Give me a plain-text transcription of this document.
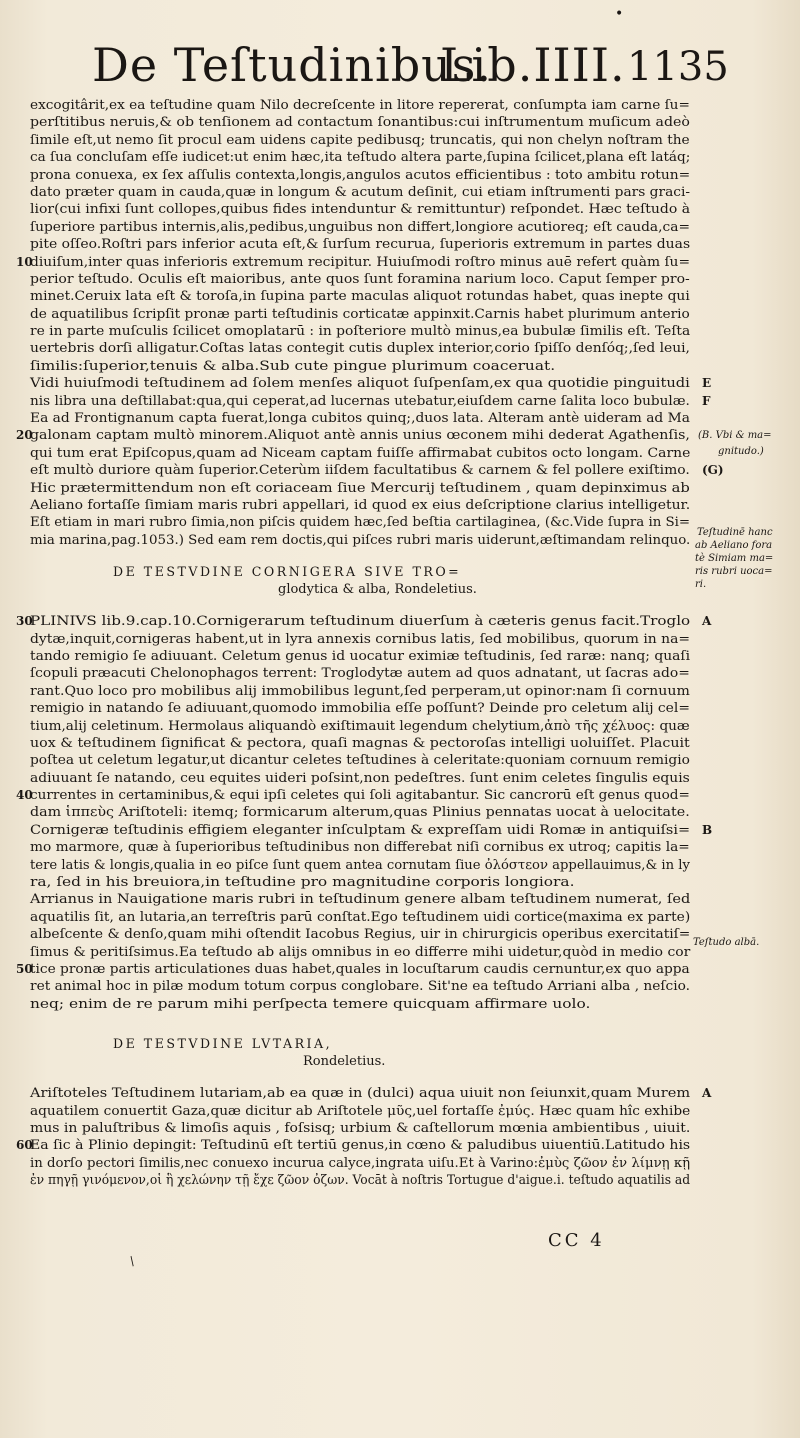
•
De Teſtudinibus.
Lib.IIII. 1135
excogitârit,ex ea teſtudine quam Nilo decreſcente in litore repererat, conſumpta iam carne ſu=
perſtitibus neruis,& ob tenſionem ad contactum ſonantibus:cui inſtrumentum muſicum adeò
ſimile eſt,ut nemo ſit procul eam uidens capite pedibusq; truncatis, qui non chelyn noſtram the
ca ſua concluſam eſſe iudicet:ut enim hæc,ita teſtudo altera parte,ſupina ſcilicet,plana eſt latáq;
prona conuexa, ex ſex aſſulis contexta,longis,angulos acutos efficientibus : toto ambitu rotun=
dato præter quam in cauda,quæ in longum & acutum deſinit, cui etiam inſtrumenti pars graci-
lior(cui infixi ſunt collopes,quibus fides intenduntur & remittuntur) reſpondet. Hæc teſtudo à
ſuperiore partibus internis,alis,pedibus,unguibus non differt,longiore acutioreq; eſt cauda,ca=
pite oſſeo.Roſtri pars inferior acuta eſt,& ſurſum recurua, ſuperioris extremum in partes duas
10
diuiſum,inter quas inferioris extremum recipitur. Huiuſmodi roſtro minus auē refert quàm ſu=
perior teſtudo. Oculis eſt maioribus, ante quos ſunt foramina narium loco. Caput ſemper pro-
minet.Ceruix lata eſt & toroſa,in ſupina parte maculas aliquot rotundas habet, quas inepte qui
de aquatilibus ſcripſit pronæ parti teſtudinis corticatæ appinxit.Carnis habet plurimum anterio
re in parte muſculis ſcilicet omoplatarū : in poſteriore multò minus,ea bubulæ ſimilis eſt. Teſta
uertebris dorſi alligatur.Coſtas latas contegit cutis duplex interior,corio ſpiſſo denſóq;,ſed leui,
ſimilis:ſuperior,tenuis & alba.Sub cute pingue plurimum coaceruat.
Vidi huiuſmodi teſtudinem ad ſolem menſes aliquot ſuſpenſam,ex qua quotidie pinguitudi E
nis libra una deſtillabat:qua,qui ceperat,ad lucernas utebatur,eiuſdem carne ſalita loco bubulæ. F
Ea ad Frontignanum capta fuerat,longa cubitos quinq;,duos lata. Alteram antè uideram ad Ma
20
galonam captam multò minorem.Aliquot antè annis unius œconem mihi dederat Agathenſis,
qui tum erat Epiſcopus,quam ad Niceam captam fuiſſe affirmabat cubitos octo longam. Carne
eſt multò duriore quàm ſuperior.Ceterùm iiſdem facultatibus & carnem & fel pollere exiſtimo. (G)
Hic prætermittendum non eſt coriaceam ſiue Mercurij teſtudinem , quam depinximus ab
Aeliano fortaſſe ſimiam maris rubri appellari, id quod ex eius deſcriptione clarius intelligetur.
Eſt etiam in mari rubro ſimia,non piſcis quidem hæc,ſed beſtia cartilaginea, (&c.Vide ſupra in Si=
mia marina,pag.1053.) Sed eam rem doctis,qui piſces rubri maris uiderunt,æſtimandam relinquo.
DE TESTVDINE CORNIGERA SIVE TRO=
glodytica & alba, Rondeletius.
30
PLINIVS lib.9.cap.10.Cornigerarum teſtudinum diuerſum à cæteris genus facit.Troglo A
dytæ,inquit,cornigeras habent,ut in lyra annexis cornibus latis, ſed mobilibus, quorum in na=
tando remigio ſe adiuuant. Celetum genus id uocatur eximiæ teſtudinis, ſed raræ: nanq; quaſi
ſcopuli præacuti Chelonophagos terrent: Troglodytæ autem ad quos adnatant, ut ſacras ado=
rant.Quo loco pro mobilibus alij immobilibus legunt,ſed perperam,ut opinor:nam ſi cornuum
remigio in natando ſe adiuuant,quomodo immobilia eſſe poſſunt? Deinde pro celetum alij cel=
tium,alij celetinum. Hermolaus aliquandò exiſtimauit legendum chelytium,ἀπὸ τῆς χέλυος: quæ
uox & teſtudinem ſignificat & pectora, quaſi magnas & pectoroſas intelligi uoluiſſet. Placuit
poſtea ut celetum legatur,ut dicantur celetes teſtudines à celeritate:quoniam cornuum remigio
adiuuant ſe natando, ceu equites uideri poſsint,non pedeſtres. ſunt enim celetes ſingulis equis
40
currentes in certaminibus,& equi ipſi celetes qui ſoli agitabantur. Sic cancrorū eſt genus quod=
dam ἱππεὺς Ariſtoteli: itemq; formicarum alterum,quas Plinius pennatas uocat à uelocitate.
Cornigeræ teſtudinis effigiem eleganter inſculptam & expreſſam uidi Romæ in antiquiſsi= B
mo marmore, quæ à ſuperioribus teſtudinibus non differebat niſi cornibus ex utroq; capitis la=
tere latis & longis,qualia in eo piſce ſunt quem antea cornutam ſiue ὀλόστεον appellauimus,& in ly
ra, ſed in his breuiora,in teſtudine pro magnitudine corporis longiora.
Arrianus in Nauigatione maris rubri in teſtudinum genere albam teſtudinem numerat, ſed
aquatilis ſit, an lutaria,an terreſtris parū conſtat.Ego teſtudinem uidi cortice(maxima ex parte)
albeſcente & denſo,quam mihi oſtendit Iacobus Regius, uir in chirurgicis operibus exercitatiſ=
ſimus & peritiſsimus.Ea teſtudo ab alijs omnibus in eo differre mihi uidetur,quòd in medio cor
50
tice pronæ partis articulationes duas habet,quales in locuſtarum caudis cernuntur,ex quo appa
ret animal hoc in pilæ modum totum corpus conglobare. Sit'ne ea teſtudo Arriani alba , neſcio.
neq; enim de re parum mihi perſpecta temere quicquam affirmare uolo.
DE TESTVDINE LVTARIA,
Rondeletius.
Ariſtoteles Teſtudinem lutariam,ab ea quæ in (dulci) aqua uiuit non ſeiunxit,quam Murem A
aquatilem conuertit Gaza,quæ dicitur ab Ariſtotele μῦς,uel fortaſſe ἐμύς. Hæc quam hîc exhibe
mus in paluſtribus & limoſis aquis , foſsisq; urbium & caſtellorum mœnia ambientibus , uiuit.
60
Ea ſic à Plinio depingit: Teſtudinū eſt tertiū genus,in cœno & paludibus uiuentiū.Latitudo his
in dorſo pectori ſimilis,nec conuexo incurua calyce,ingrata uiſu.Et à Varino:ἐμὺς ζῶον ἐν λίμνῃ κῇ
ἐν πηγῇ γινόμενον,οἱ ἣ χελώνην τῇ ἔχε ζῶον ὀζων. Vocāt à noſtris Tortugue d'aigue.i. teſtudo aquatilis ad
(B. Vbi & ma=
gnitudo.)
Teſtudinē hanc
ab Aeliano fora
tè Simiam ma=
ris rubri uoca=
ri.
Teſtudo albā.
CC 4
/
